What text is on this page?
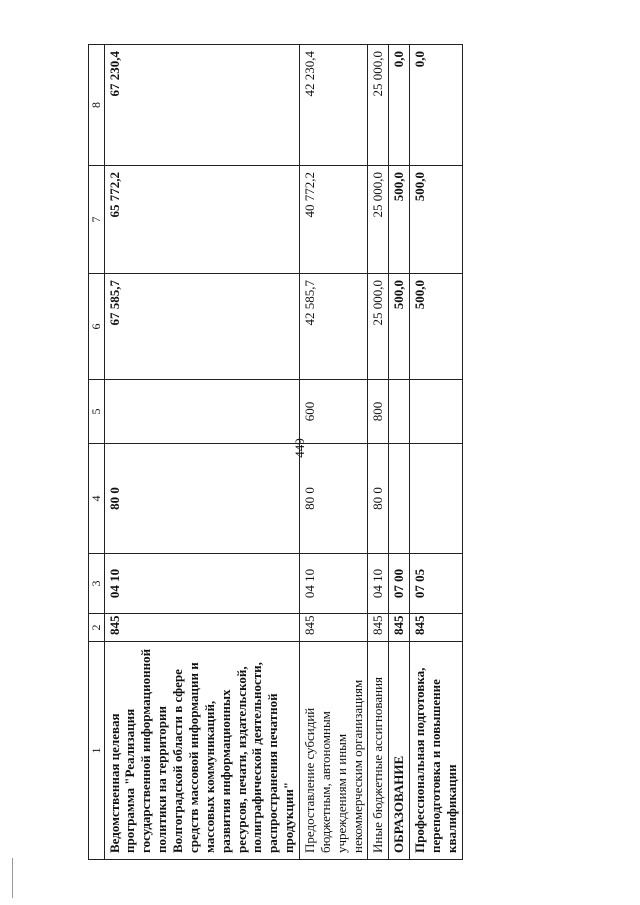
449
1	2	3	4	5	6	7	8
Ведомственная целевая программа "Реализация государственной информационной политики на территории Волгоградской области в сфере средств массовой информации и массовых коммуникаций, развития информационных ресурсов, печати, издательской, полиграфической деятельности, распространения печатной продукции"	845	04 10	80 0		67 585,7	65 772,2	67 230,4
Предоставление субсидий бюджетным, автономным учреждениям и иным некоммерческим организациям	845	04 10	80 0	600	42 585,7	40 772,2	42 230,4
Иные бюджетные ассигнования	845	04 10	80 0	800	25 000,0	25 000,0	25 000,0
ОБРАЗОВАНИЕ	845	07 00			500,0	500,0	0,0
Профессиональная подготовка, переподготовка и повышение квалификации	845	07 05			500,0	500,0	0,0
